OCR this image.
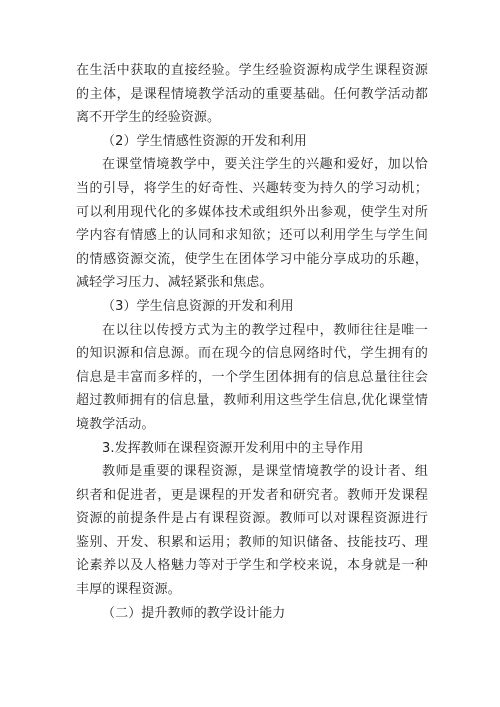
在生活中获取的直接经验。学生经验资源构成学生课程资源的主体，是课程情境教学活动的重要基础。任何教学活动都离不开学生的经验资源。

（2）学生情感性资源的开发和利用

在课堂情境教学中，要关注学生的兴趣和爱好，加以恰当的引导，将学生的好奇性、兴趣转变为持久的学习动机；可以利用现代化的多媒体技术或组织外出参观，使学生对所学内容有情感上的认同和求知欲；还可以利用学生与学生间的情感资源交流，使学生在团体学习中能分享成功的乐趣，减轻学习压力、减轻紧张和焦虑。

（3）学生信息资源的开发和利用

在以往以传授方式为主的教学过程中，教师往往是唯一的知识源和信息源。而在现今的信息网络时代，学生拥有的信息是丰富而多样的，一个学生团体拥有的信息总量往往会超过教师拥有的信息量，教师利用这些学生信息,优化课堂情境教学活动。

3.发挥教师在课程资源开发利用中的主导作用

教师是重要的课程资源，是课堂情境教学的设计者、组织者和促进者，更是课程的开发者和研究者。教师开发课程资源的前提条件是占有课程资源。教师可以对课程资源进行鉴别、开发、积累和运用；教师的知识储备、技能技巧、理论素养以及人格魅力等对于学生和学校来说，本身就是一种丰厚的课程资源。

（二）提升教师的教学设计能力
